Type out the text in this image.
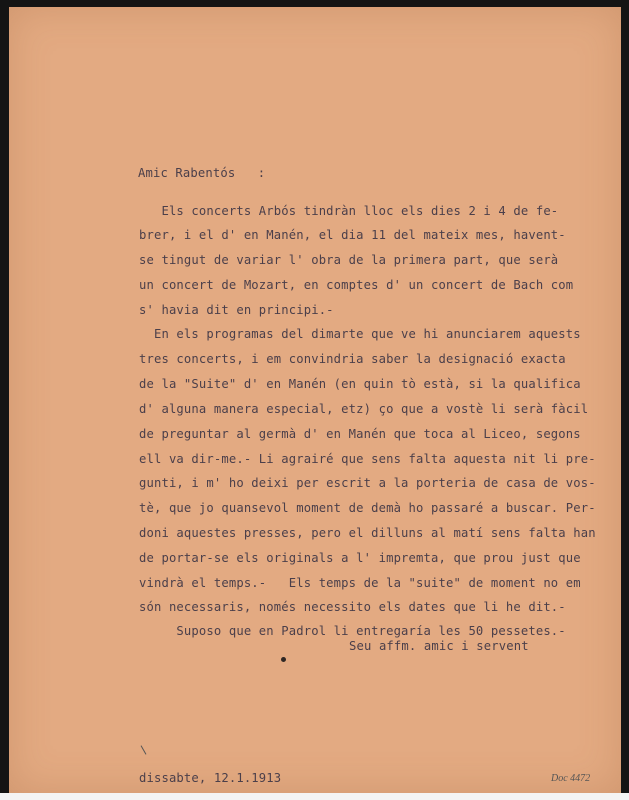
Amic Rabentós   :
Els concerts Arbós tindràn lloc els dies 2 i 4 de fe-
brer, i el d' en Manén, el dia 11 del mateix mes, havent-
se tingut de variar l' obra de la primera part, que serà
un concert de Mozart, en comptes d' un concert de Bach com
s' havia dit en principi.-
En els programas del dimarte que ve hi anunciarem aquests
tres concerts, i em convindria saber la designació exacta
de la "Suite" d' en Manén (en quin tò està, si la qualifica
d' alguna manera especial, etz) ço que a vostè li serà fàcil
de preguntar al germà d' en Manén que toca al Liceo, segons
ell va dir-me.- Li agrairé que sens falta aquesta nit li pre-
gunti, i m' ho deixi per escrit a la porteria de casa de vos-
tè, que jo quansevol moment de demà ho passaré a buscar. Per-
doni aquestes presses, pero el dilluns al matí sens falta han
de portar-se els originals a l' impremta, que prou just que
vindrà el temps.-   Els temps de la "suite" de moment no em
són necessaris, només necessito els dates que li he dit.-
Suposo que en Padrol li entregaría les 50 pessetes.-
Seu affm. amic i servent
dissabte, 12.1.1913	Doc 4472
